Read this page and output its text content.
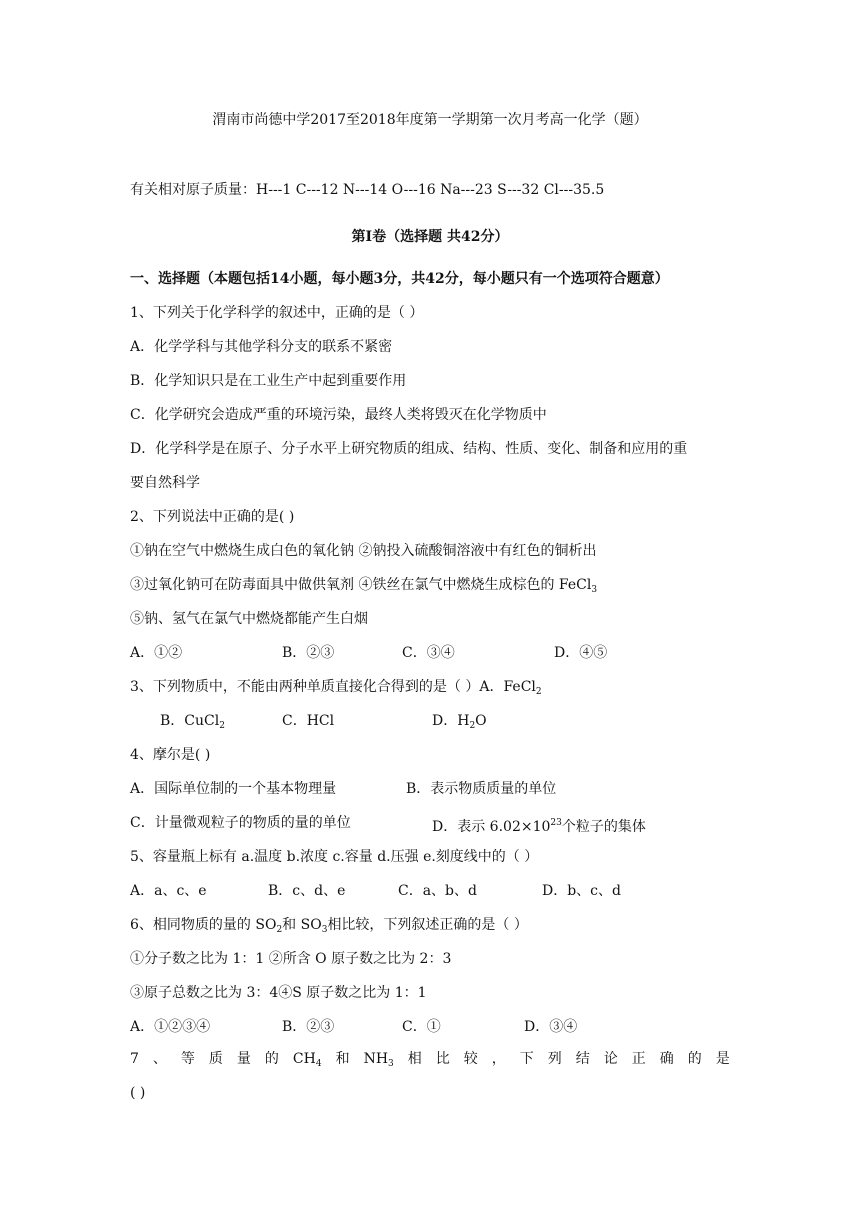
渭南市尚德中学2017至2018年度第一学期第一次月考高一化学（题）
有关相对原子质量：H---1 C---12 N---14 O---16 Na---23 S---32 Cl---35.5
第Ⅰ卷（选择题 共42分）
一、选择题（本题包括14小题，每小题3分，共42分，每小题只有一个选项符合题意）
1、下列关于化学科学的叙述中，正确的是（ ）
A．化学学科与其他学科分支的联系不紧密
B．化学知识只是在工业生产中起到重要作用
C．化学研究会造成严重的环境污染，最终人类将毁灭在化学物质中
D．化学科学是在原子、分子水平上研究物质的组成、结构、性质、变化、制备和应用的重
要自然科学
2、下列说法中正确的是( )
①钠在空气中燃烧生成白色的氧化钠 ②钠投入硫酸铜溶液中有红色的铜析出
③过氧化钠可在防毒面具中做供氧剂 ④铁丝在氯气中燃烧生成棕色的 FeCl$_3$
⑤钠、氢气在氯气中燃烧都能产生白烟
A．①②	B．②③	C．③④	D．④⑤
3、下列物质中，不能由两种单质直接化合得到的是（ ）A．FeCl$_2$
B．CuCl$_2$	C．HCl	D．$H_2O$
4、摩尔是( )
A．国际单位制的一个基本物理量	B．表示物质质量的单位
C．计量微观粒子的物质的量的单位	D．表示 $6.02\times 10^{23}$个粒子的集体
5、容量瓶上标有 a.温度 b.浓度 c.容量 d.压强 e.刻度线中的（ ）
A．a、c、e	B．c、d、e	C．a、b、d	D．b、c、d
6、相同物质的量的 $SO_2$和 $SO_3$相比较，下列叙述正确的是（ ）
①分子数之比为 1：1 ②所含 O 原子数之比为 2：3
③原子总数之比为 3：4④S 原子数之比为 1：1
A．①②③④	B．②③	C．①	D．③④
7 、 等 质 量 的 $CH_4$ 和 $NH_3$ 相 比 较 ， 下 列 结 论 正 确 的 是
( )
